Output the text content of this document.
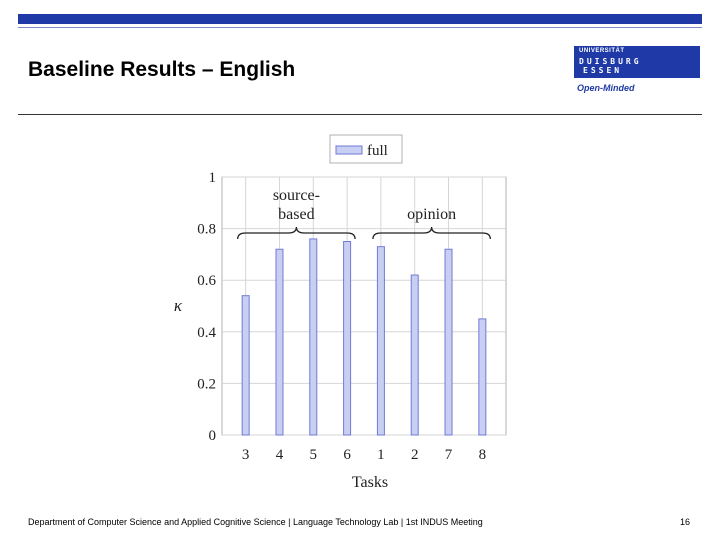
Baseline Results – English
UNIVERSITÄT
DUISBURG
ESSEN
Open-Minded
0
0.2
0.4
0.6
0.8
1
3 4 5 6 1 2 7 8
Tasks
κ
full
source-
based	opinion
Department of Computer Science and Applied Cognitive Science | Language Technology Lab | 1st INDUS Meeting	16
